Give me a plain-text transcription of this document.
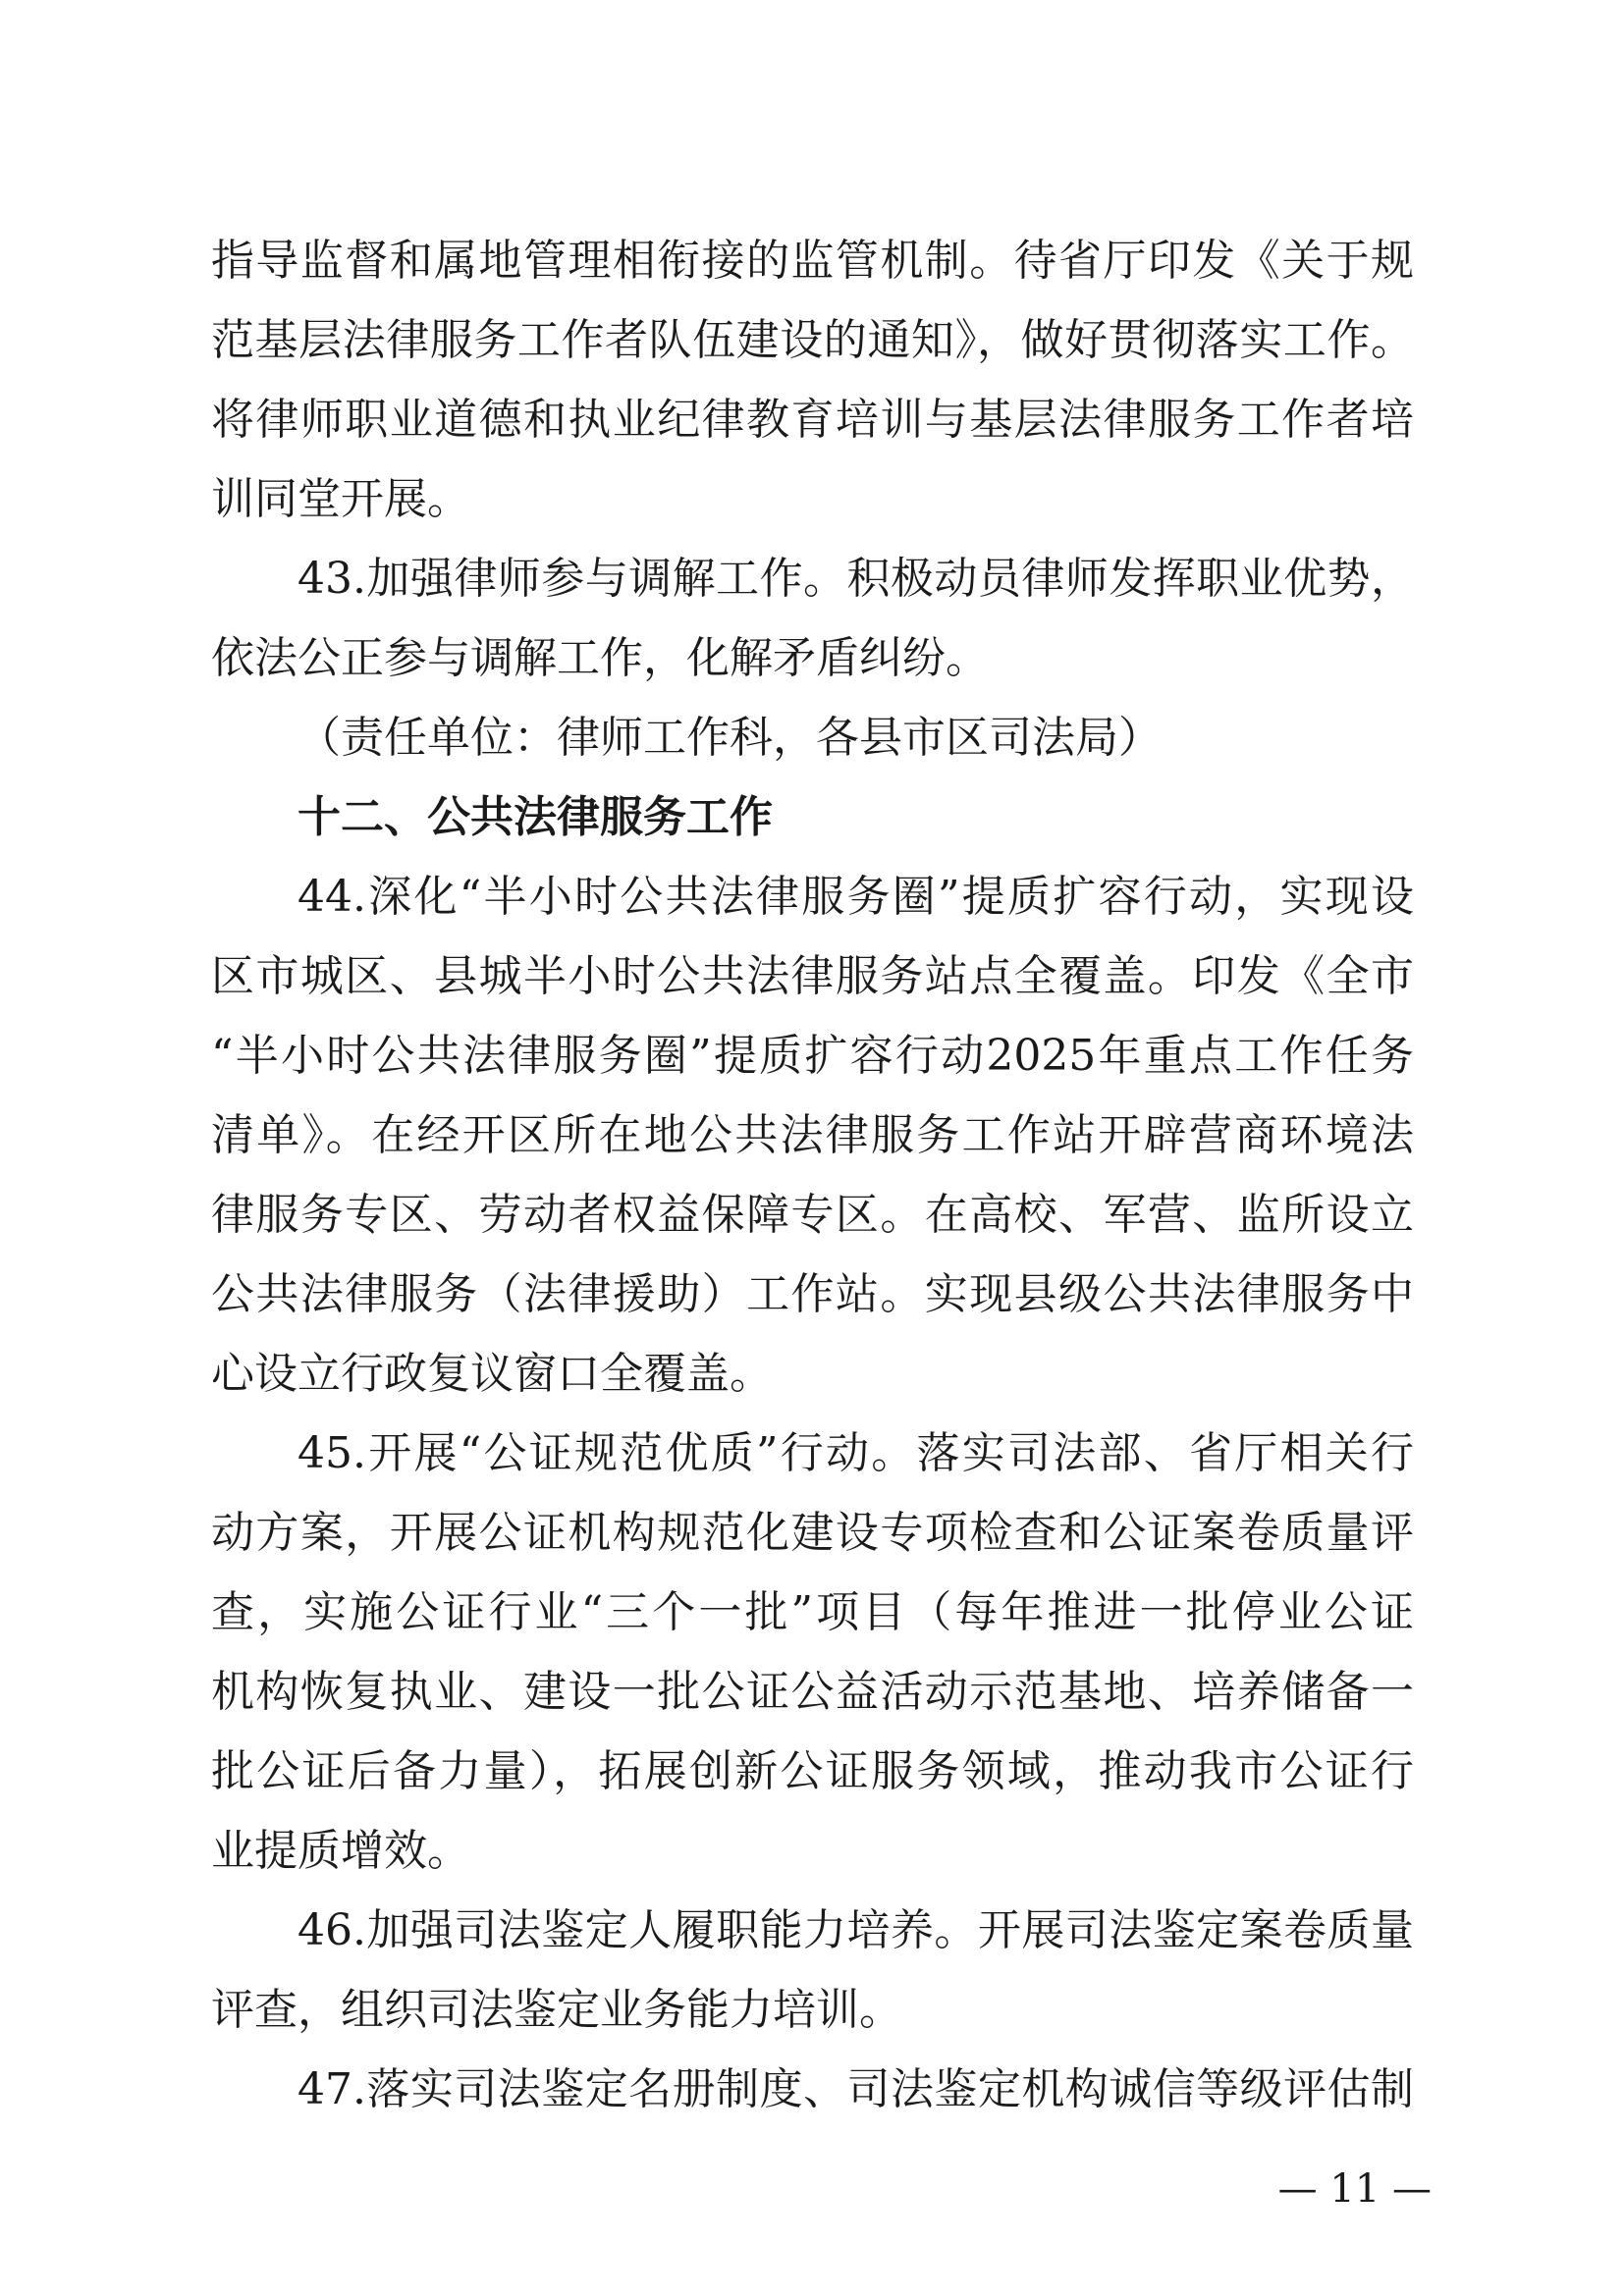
指导监督和属地管理相衔接的监管机制。待省厅印发《关于规
范基层法律服务工作者队伍建设的通知》，做好贯彻落实工作。
将律师职业道德和执业纪律教育培训与基层法律服务工作者培
训同堂开展。
43.加强律师参与调解工作。积极动员律师发挥职业优势，
依法公正参与调解工作，化解矛盾纠纷。
（责任单位：律师工作科，各县市区司法局）
十二、公共法律服务工作
44.深化“半小时公共法律服务圈”提质扩容行动，实现设
区市城区、县城半小时公共法律服务站点全覆盖。印发《全市
“半小时公共法律服务圈”提质扩容行动2025年重点工作任务
清单》。在经开区所在地公共法律服务工作站开辟营商环境法
律服务专区、劳动者权益保障专区。在高校、军营、监所设立
公共法律服务（法律援助）工作站。实现县级公共法律服务中
心设立行政复议窗口全覆盖。
45.开展“公证规范优质”行动。落实司法部、省厅相关行
动方案，开展公证机构规范化建设专项检查和公证案卷质量评
查，实施公证行业“三个一批”项目（每年推进一批停业公证
机构恢复执业、建设一批公证公益活动示范基地、培养储备一
批公证后备力量），拓展创新公证服务领域，推动我市公证行
业提质增效。
46.加强司法鉴定人履职能力培养。开展司法鉴定案卷质量
评查，组织司法鉴定业务能力培训。
47.落实司法鉴定名册制度、司法鉴定机构诚信等级评估制
— 11 —
